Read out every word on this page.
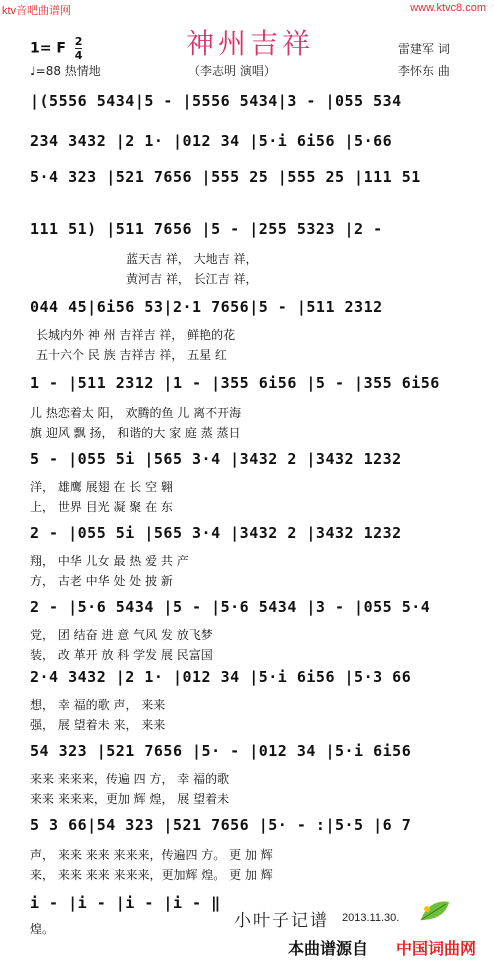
ktv音吧曲谱网	www.ktvc8.com
神州吉祥
1= F $\frac{2}{4}$
♩=88 热情地	（李志明 演唱）
雷建军 词
李怀东 曲
|(5556 5434|5 - |5556 5434|3 - |055 534
234 3432 |2 1· |012 34 |5·i 6i56 |5·66
5·4 323 |521 7656 |555 25 |555 25 |111 51
111 51) |511 7656 |5 - |255 5323 |2 -
蓝天吉 祥， 大地吉 祥，
黄河吉 祥， 长江吉 祥，
044 45|6i56 53|2·1 7656|5 - |511 2312
长城内外 神 州 吉祥吉 祥， 鲜艳的花
五十六个 民 族 吉祥吉 祥， 五星 红
1 - |511 2312 |1 - |355 6i56 |5 - |355 6i56
儿 热恋着太 阳， 欢腾的鱼 儿 离不开海
旗 迎风 飘 扬， 和谐的大 家 庭 蒸 蒸日
5 - |055 5i |565 3·4 |3432 2 |3432 1232
洋， 雄鹰 展翅 在 长 空 翱
上， 世界 目光 凝 聚 在 东
2 - |055 5i |565 3·4 |3432 2 |3432 1232
翔， 中华 儿女 最 热 爱 共 产
方， 古老 中华 处 处 披 新
2 - |5·6 5434 |5 - |5·6 5434 |3 - |055 5·4
党， 团 结奋 进 意 气风 发 放飞梦
装， 改 革开 放 科 学发 展 民富国
2·4 3432 |2 1· |012 34 |5·i 6i56 |5·3 66
想， 幸 福的歌 声， 来来
强， 展 望着未 来， 来来
54 323 |521 7656 |5· - |012 34 |5·i 6i56
来来 来来来，传遍 四 方， 幸 福的歌
来来 来来来，更加 辉 煌， 展 望着未
5 3 66|54 323 |521 7656 |5· - :|5·5 |6 7
声， 来来 来来 来来来，传遍四 方。 更 加 辉
来， 来来 来来 来来来，更加辉 煌。 更 加 辉
i - |i - |i - |i - ‖
煌。	小叶子记谱 2013.11.30.
本曲谱源自 中国词曲网
